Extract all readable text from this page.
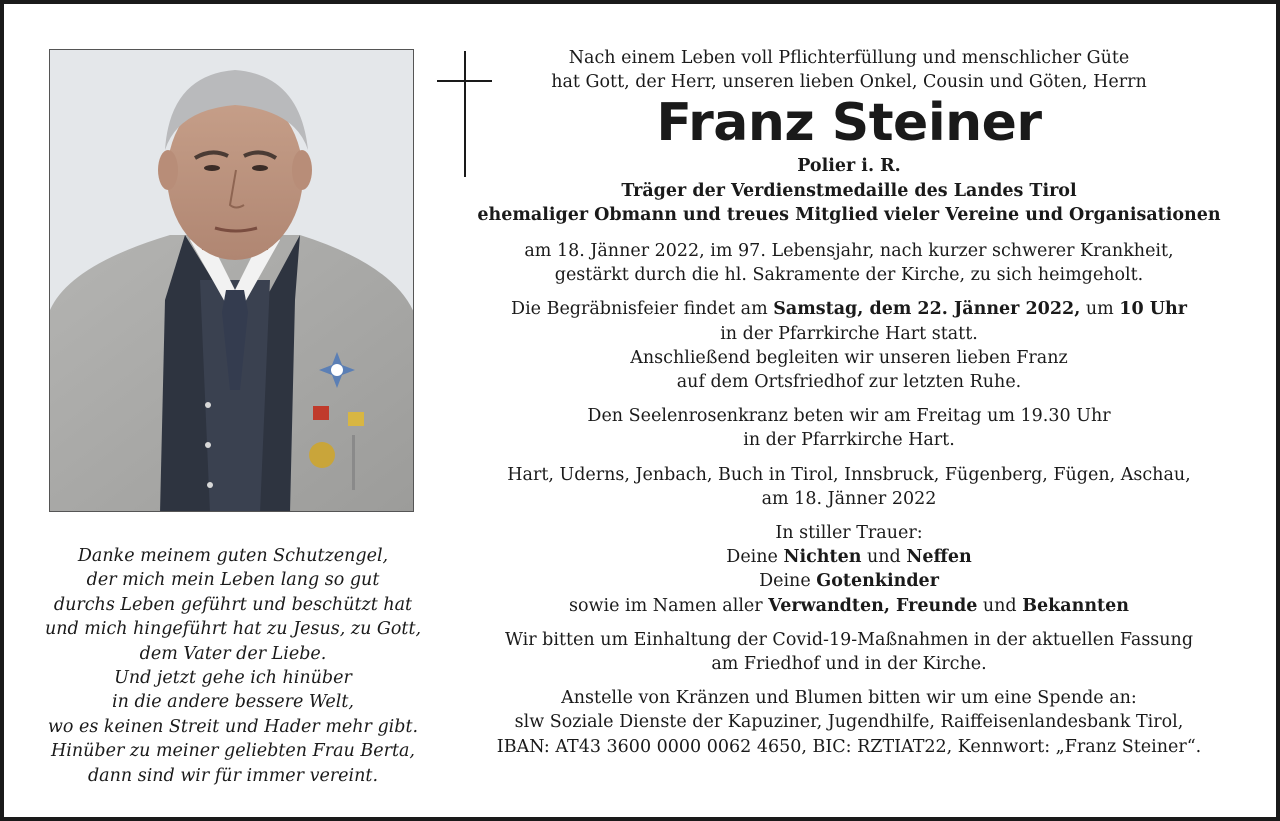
Danke meinem guten Schutzengel,
der mich mein Leben lang so gut
durchs Leben geführt und beschützt hat
und mich hingeführt hat zu Jesus, zu Gott,
dem Vater der Liebe.
Und jetzt gehe ich hinüber
in die andere bessere Welt,
wo es keinen Streit und Hader mehr gibt.
Hinüber zu meiner geliebten Frau Berta,
dann sind wir für immer vereint.
Nach einem Leben voll Pflichterfüllung und menschlicher Güte
hat Gott, der Herr, unseren lieben Onkel, Cousin und Göten, Herrn
Franz Steiner
Polier i. R.
Träger der Verdienstmedaille des Landes Tirol
ehemaliger Obmann und treues Mitglied vieler Vereine und Organisationen
am 18. Jänner 2022, im 97. Lebensjahr, nach kurzer schwerer Krankheit,
gestärkt durch die hl. Sakramente der Kirche, zu sich heimgeholt.
Die Begräbnisfeier findet am Samstag, dem 22. Jänner 2022, um 10 Uhr
in der Pfarrkirche Hart statt.
Anschließend begleiten wir unseren lieben Franz
auf dem Ortsfriedhof zur letzten Ruhe.
Den Seelenrosenkranz beten wir am Freitag um 19.30 Uhr
in der Pfarrkirche Hart.
Hart, Uderns, Jenbach, Buch in Tirol, Innsbruck, Fügenberg, Fügen, Aschau,
am 18. Jänner 2022
In stiller Trauer:
Deine Nichten und Neffen
Deine Gotenkinder
sowie im Namen aller Verwandten, Freunde und Bekannten
Wir bitten um Einhaltung der Covid-19-Maßnahmen in der aktuellen Fassung
am Friedhof und in der Kirche.
Anstelle von Kränzen und Blumen bitten wir um eine Spende an:
slw Soziale Dienste der Kapuziner, Jugendhilfe, Raiffeisenlandesbank Tirol,
IBAN: AT43 3600 0000 0062 4650, BIC: RZTIAT22, Kennwort: „Franz Steiner“.
